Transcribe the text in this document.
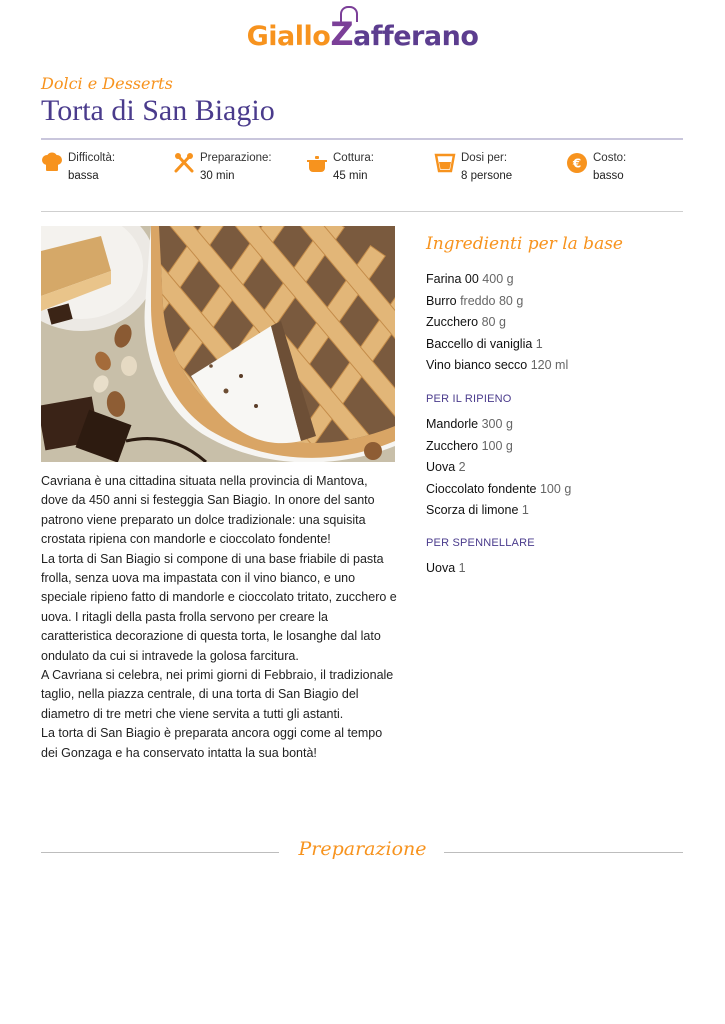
GialloZafferano
Dolci e Desserts
Torta di San Biagio
Difficoltà:
bassa
Preparazione:
30 min
Cottura:
45 min
Dosi per:
8 persone
€ Costo:
basso

Cavriana è una cittadina situata nella provincia di Mantova, dove da 450 anni si festeggia San Biagio. In onore del santo patrono viene preparato un dolce tradizionale: una squisita crostata ripiena con mandorle e cioccolato fondente!

La torta di San Biagio si compone di una base friabile di pasta frolla, senza uova ma impastata con il vino bianco, e uno speciale ripieno fatto di mandorle e cioccolato tritato, zucchero e uova. I ritagli della pasta frolla servono per creare la caratteristica decorazione di questa torta, le losanghe dal lato ondulato da cui si intravede la golosa farcitura.

A Cavriana si celebra, nei primi giorni di Febbraio, il tradizionale taglio, nella piazza centrale, di una torta di San Biagio del diametro di tre metri che viene servita a tutti gli astanti.

La torta di San Biagio è preparata ancora oggi come al tempo dei Gonzaga e ha conservato intatta la sua bontà!

Ingredienti per la base
Farina 00 400 g
Burro freddo 80 g
Zucchero 80 g
Baccello di vaniglia 1
Vino bianco secco 120 ml
PER IL RIPIENO
Mandorle 300 g
Zucchero 100 g
Uova 2
Cioccolato fondente 100 g
Scorza di limone 1
PER SPENNELLARE
Uova 1
Preparazione
